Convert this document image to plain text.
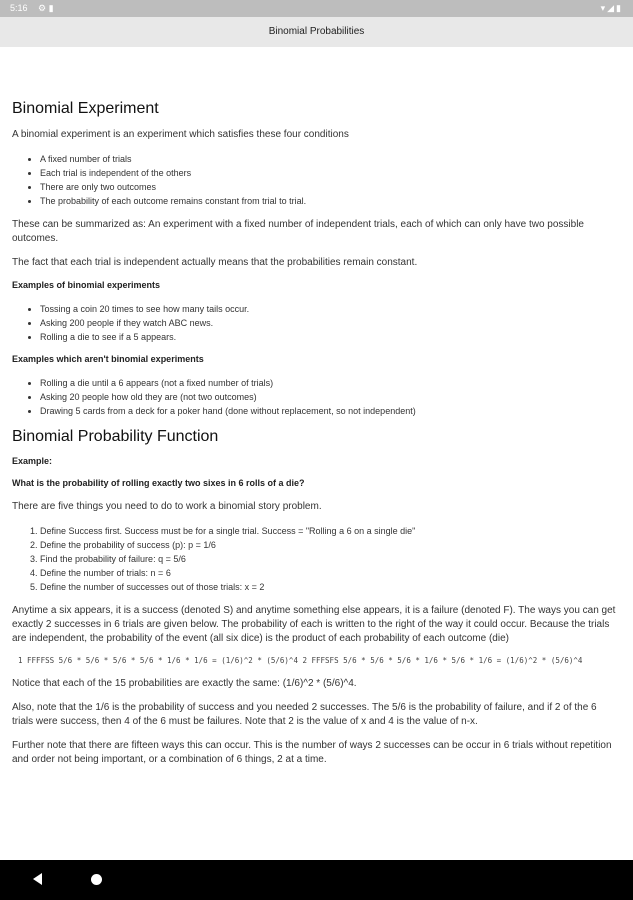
5:16 ⚙ ▮	▾◢▮
Binomial Probabilities
Binomial Experiment

A binomial experiment is an experiment which satisfies these four conditions

• A fixed number of trials
• Each trial is independent of the others
• There are only two outcomes
• The probability of each outcome remains constant from trial to trial.

These can be summarized as: An experiment with a fixed number of independent trials, each of which can only have two possible outcomes.

The fact that each trial is independent actually means that the probabilities remain constant.

Examples of binomial experiments
• Tossing a coin 20 times to see how many tails occur.
• Asking 200 people if they watch ABC news.
• Rolling a die to see if a 5 appears.
Examples which aren't binomial experiments
• Rolling a die until a 6 appears (not a fixed number of trials)
• Asking 20 people how old they are (not two outcomes)
• Drawing 5 cards from a deck for a poker hand (done without replacement, so not independent)
Binomial Probability Function
Example:
What is the probability of rolling exactly two sixes in 6 rolls of a die?

There are five things you need to do to work a binomial story problem.

1. Define Success first. Success must be for a single trial. Success = "Rolling a 6 on a single die"
2. Define the probability of success (p): p = 1/6
3. Find the probability of failure: q = 5/6
4. Define the number of trials: n = 6
5. Define the number of successes out of those trials: x = 2

Anytime a six appears, it is a success (denoted S) and anytime something else appears, it is a failure (denoted F). The ways you can get exactly 2 successes in 6 trials are given below. The probability of each is written to the right of the way it could occur. Because the trials are independent, the probability of the event (all six dice) is the product of each probability of each outcome (die)

1 FFFFSS 5/6 * 5/6 * 5/6 * 5/6 * 1/6 * 1/6 = (1/6)^2 * (5/6)^4 2 FFFSFS 5/6 * 5/6 * 5/6 * 1/6 * 5/6 * 1/6 = (1/6)^2 * (5/6)^4

Notice that each of the 15 probabilities are exactly the same: (1/6)^2 * (5/6)^4.

Also, note that the 1/6 is the probability of success and you needed 2 successes. The 5/6 is the probability of failure, and if 2 of the 6 trials were success, then 4 of the 6 must be failures. Note that 2 is the value of x and 4 is the value of n-x.

Further note that there are fifteen ways this can occur. This is the number of ways 2 successes can be occur in 6 trials without repetition and order not being important, or a combination of 6 things, 2 at a time.
